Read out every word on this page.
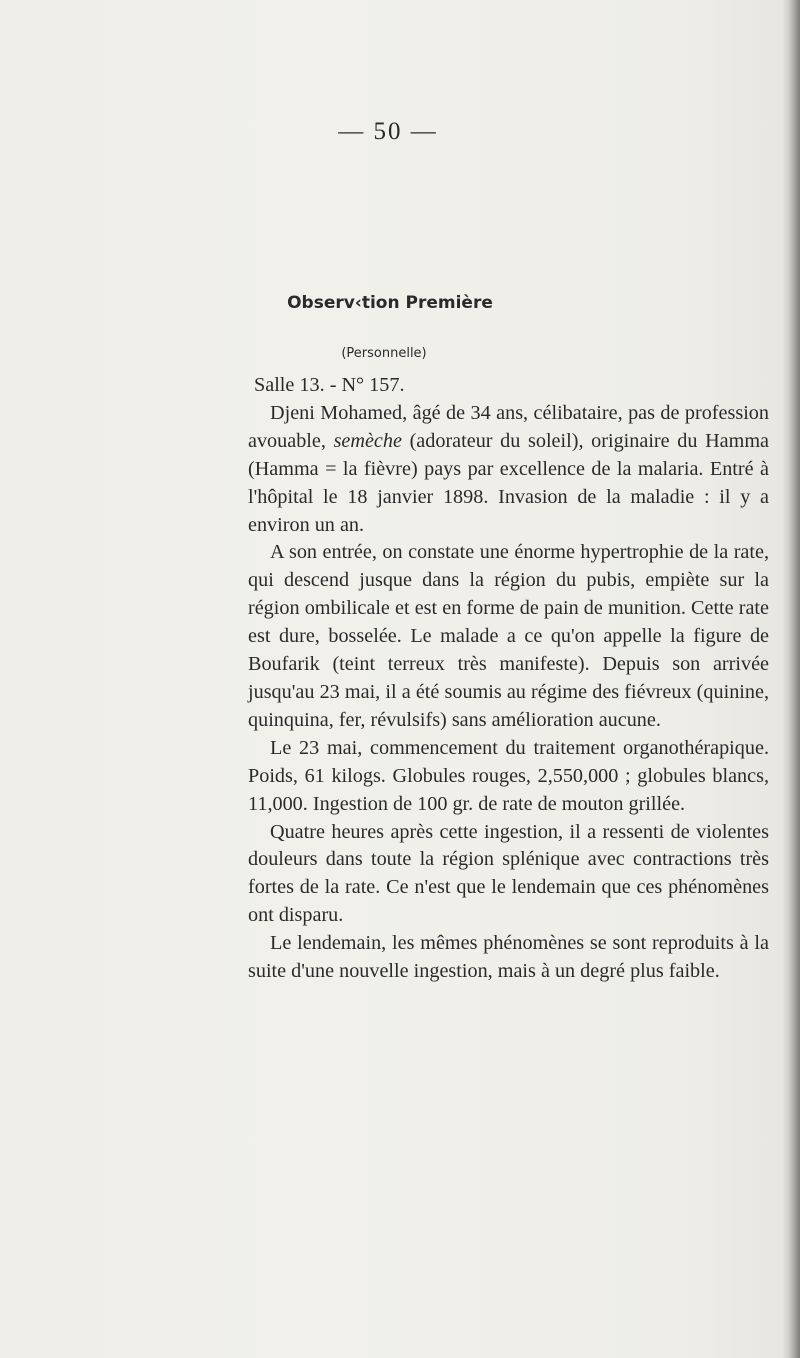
— 50 —
Observ‹tion Première
(Personnelle)

Salle 13. - N° 157.

Djeni Mohamed, âgé de 34 ans, célibataire, pas de profession avouable, semèche (adorateur du soleil), originaire du Hamma (Hamma = la fièvre) pays par excellence de la malaria. Entré à l'hôpital le 18 janvier 1898. Invasion de la maladie : il y a environ un an.

A son entrée, on constate une énorme hypertrophie de la rate, qui descend jusque dans la région du pubis, empiète sur la région ombilicale et est en forme de pain de munition. Cette rate est dure, bosselée. Le malade a ce qu'on appelle la figure de Boufarik (teint terreux très manifeste). Depuis son arrivée jusqu'au 23 mai, il a été soumis au régime des fiévreux (quinine, quinquina, fer, révulsifs) sans amélioration aucune.

Le 23 mai, commencement du traitement organothérapique. Poids, 61 kilogs. Globules rouges, 2,550,000 ; globules blancs, 11,000. Ingestion de 100 gr. de rate de mouton grillée.

Quatre heures après cette ingestion, il a ressenti de violentes douleurs dans toute la région splénique avec contractions très fortes de la rate. Ce n'est que le lendemain que ces phénomènes ont disparu.

Le lendemain, les mêmes phénomènes se sont reproduits à la suite d'une nouvelle ingestion, mais à un degré plus faible.
